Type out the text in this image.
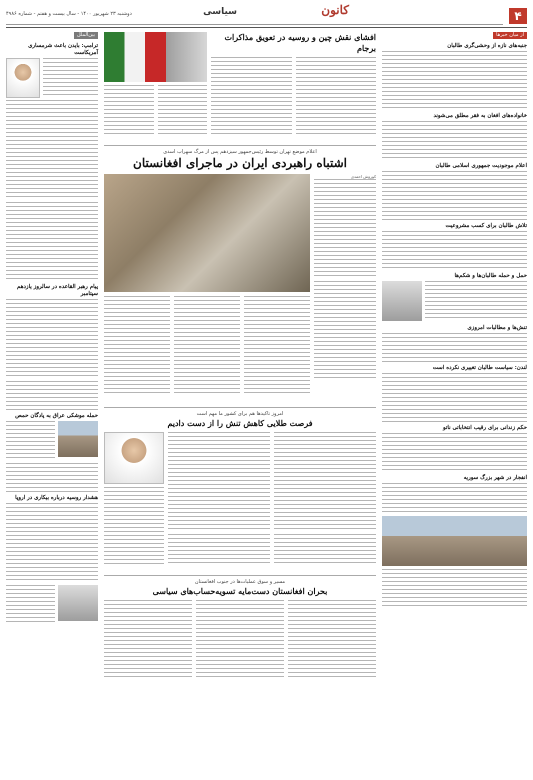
۴
کانون
سیاسی
دوشنبه ۲۳ شهریور ۱۴۰۰ - سال بیست و هفتم - شماره ۴۹۸۶
از میان خبرها
جنبه‌های نازه از وحشی‌گری طالبان
خانواده‌های افغان به فقر مطلق می‌شوند
اعلام موجودیت جمهوری اسلامی طالبان
تلاش طالبان برای کسب مشروعیت
حمل و حمله طالبان‌ها و شکم‌ها
تنش‌ها و مطالبات امروزی
لندن: سیاست طالبان تغییری نکرده است
حکم زندانی برای رقیب انتخاباتی ناتو
انفجار در شهر بزرگ سوریه
افشای نقش چین و روسیه در تعویق مذاکرات برجام
اعلام موضع تهران توسط رئیس‌جمهور سیزدهم پس از مرگ سهراب اسدی
اشتباه راهبردی ایران در ماجرای افغانستان
کوروش احمدی
امروز تاکیدها هم برای کشور ما مهم است
فرصت طلایی کاهش تنش را از دست دادیم
مسیر و سوق عملیات‌ها در جنوب افغانستان
بحران افغانستان دست‌مایه تسویه‌حساب‌های سیاسی
بین‌الملل
ترامپ: بایدن باعث شرمساری آمریکاست
پیام رهبر القاعده در سالروز یازدهم سپتامبر
حمله موشکی عراق به پادگان حمص
هشدار روسیه درباره بیکاری در اروپا
